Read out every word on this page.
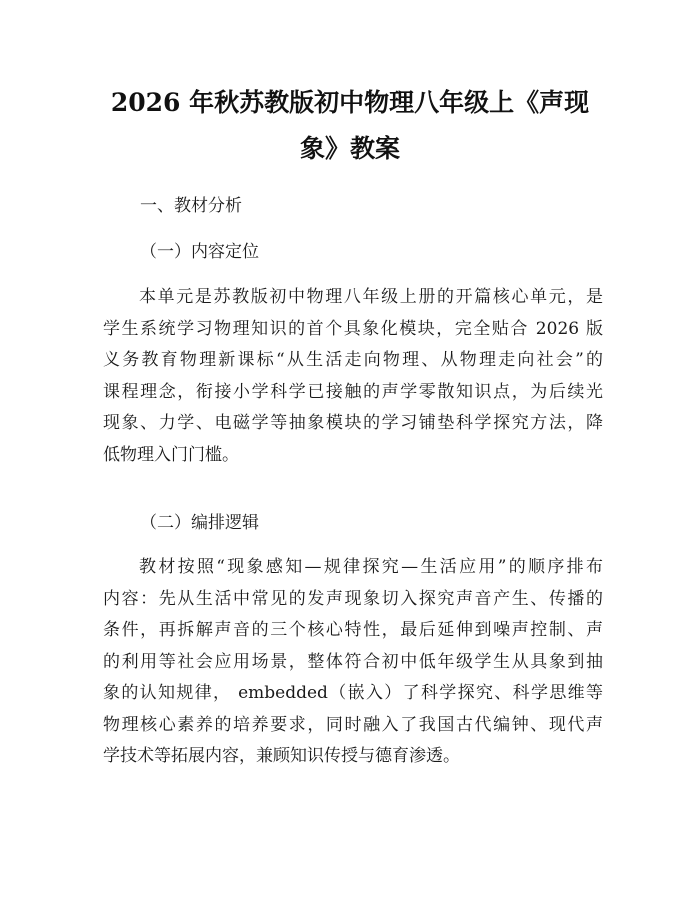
2026 年秋苏教版初中物理八年级上《声现
象》教案

一、教材分析

（一）内容定位

本单元是苏教版初中物理八年级上册的开篇核心单元，是
学生系统学习物理知识的首个具象化模块，完全贴合 2026 版
义务教育物理新课标“从生活走向物理、从物理走向社会”的
课程理念，衔接小学科学已接触的声学零散知识点，为后续光
现象、力学、电磁学等抽象模块的学习铺垫科学探究方法，降
低物理入门门槛。

（二）编排逻辑

教材按照“现象感知—规律探究—生活应用”的顺序排布
内容：先从生活中常见的发声现象切入探究声音产生、传播的
条件，再拆解声音的三个核心特性，最后延伸到噪声控制、声
的利用等社会应用场景，整体符合初中低年级学生从具象到抽
象的认知规律， embedded（嵌入）了科学探究、科学思维等
物理核心素养的培养要求，同时融入了我国古代编钟、现代声
学技术等拓展内容，兼顾知识传授与德育渗透。
